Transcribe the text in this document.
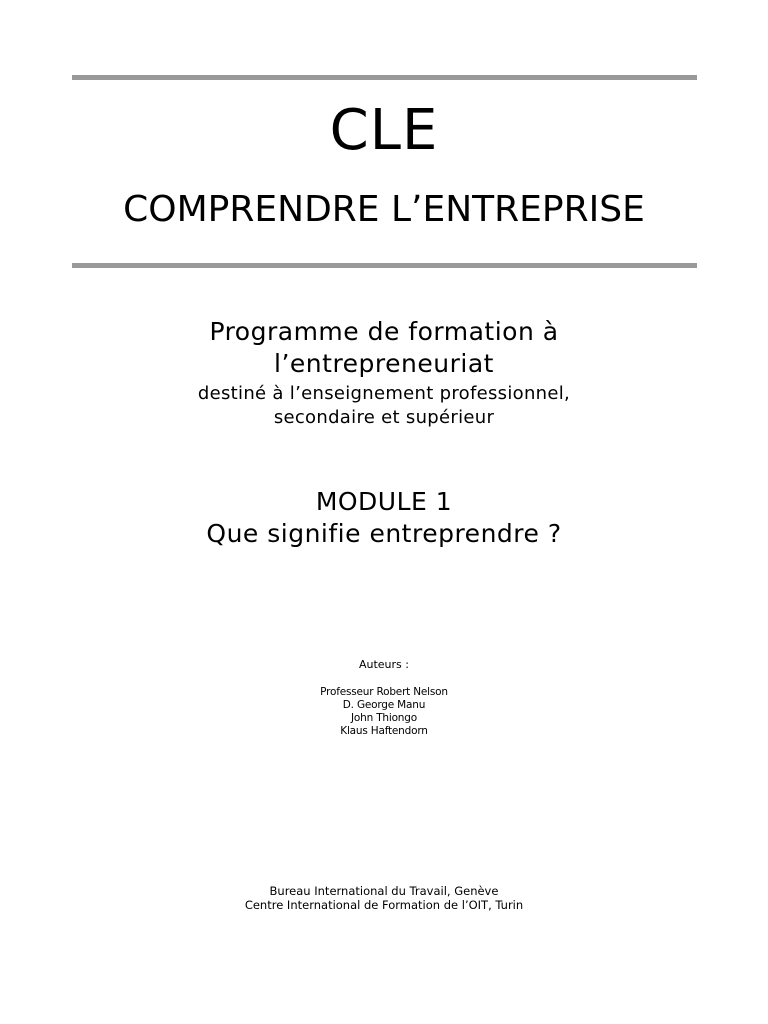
CLE
COMPRENDRE L’ENTREPRISE
Programme de formation à
l’entrepreneuriat
destiné à l’enseignement professionnel,
secondaire et supérieur
MODULE 1
Que signifie entreprendre ?
Auteurs :
Professeur Robert Nelson
D. George Manu
John Thiongo
Klaus Haftendorn
Bureau International du Travail, Genève
Centre International de Formation de l’OIT, Turin
